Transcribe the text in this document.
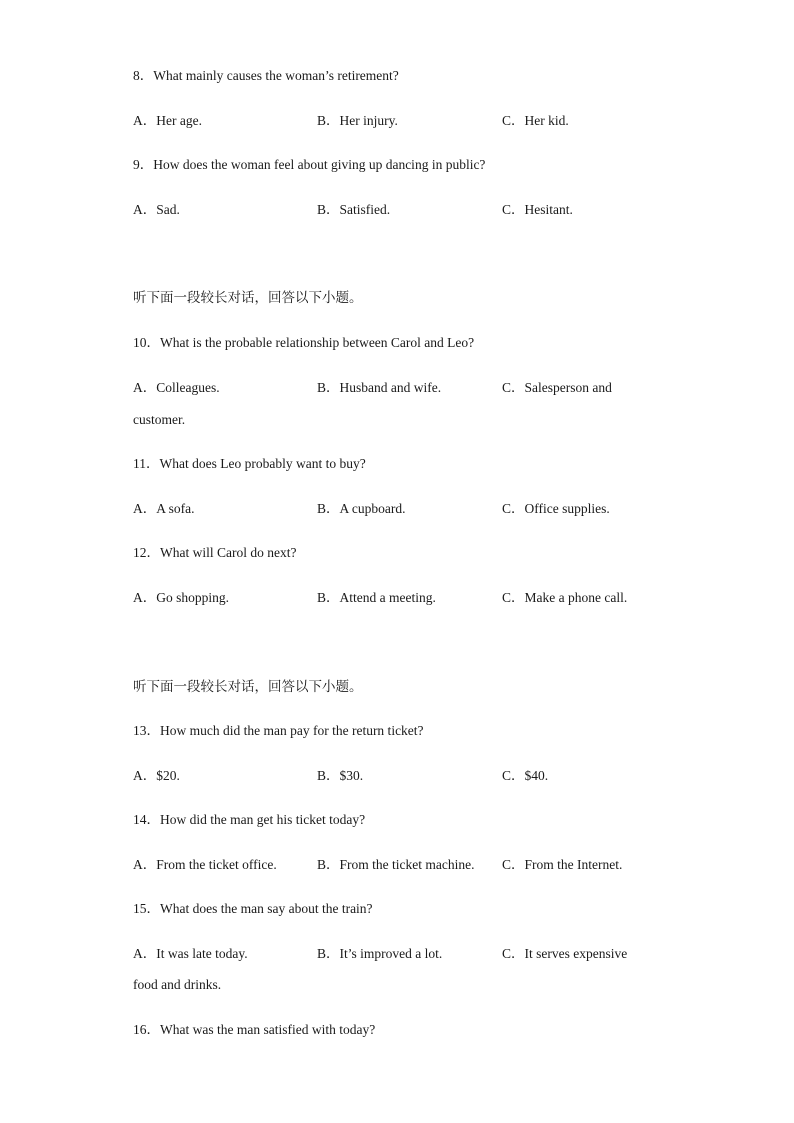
8．What mainly causes the woman’s retirement?
A．Her age.	B．Her injury.	C．Her kid.
9．How does the woman feel about giving up dancing in public?
A．Sad.	B．Satisfied.	C．Hesitant.
听下面一段较长对话，回答以下小题。
10．What is the probable relationship between Carol and Leo?
A．Colleagues.	B．Husband and wife.	C．Salesperson and
customer.
11．What does Leo probably want to buy?
A．A sofa.	B．A cupboard.	C．Office supplies.
12．What will Carol do next?
A．Go shopping.	B．Attend a meeting.	C．Make a phone call.
听下面一段较长对话，回答以下小题。
13．How much did the man pay for the return ticket?
A．$20.	B．$30.	C．$40.
14．How did the man get his ticket today?
A．From the ticket office.	B．From the ticket machine. C．From the Internet.
15．What does the man say about the train?
A．It was late today.	B．It’s improved a lot.	C．It serves expensive
food and drinks.
16．What was the man satisfied with today?
